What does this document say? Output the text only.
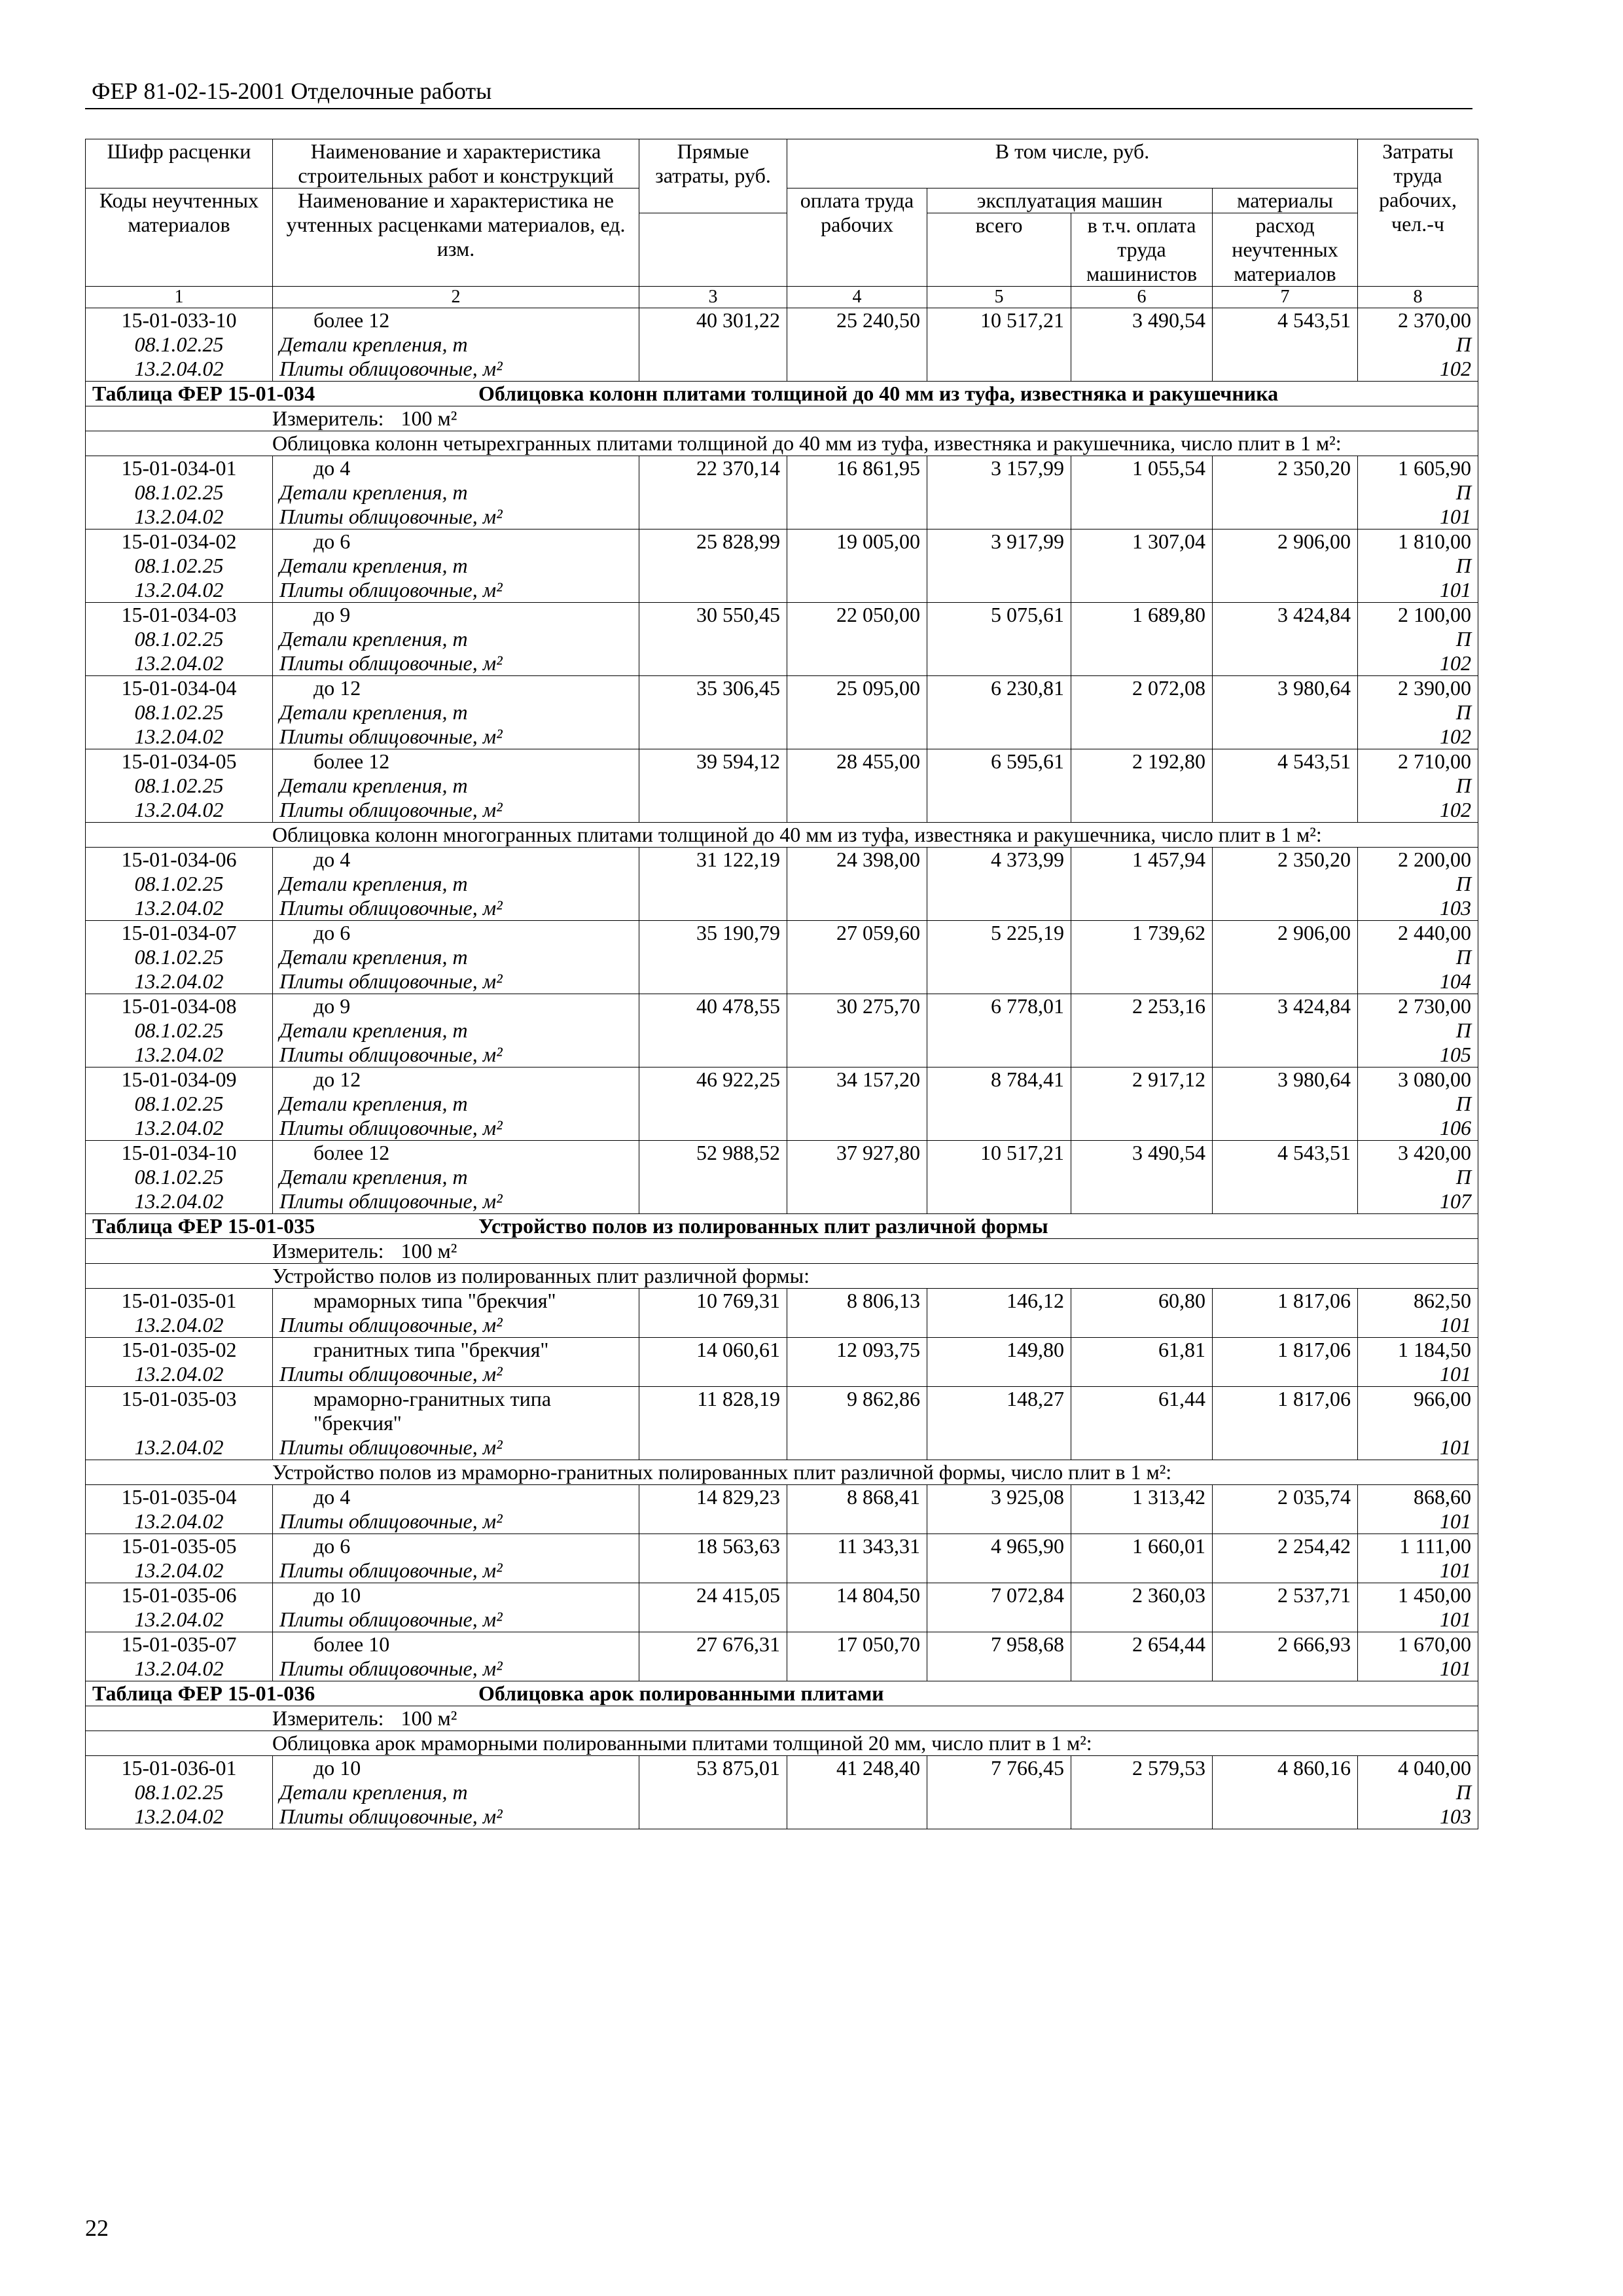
ФЕР 81-02-15-2001 Отделочные работы
Шифр расценки	Наименование и характеристика строительных работ и конструкций	Прямые затраты, руб.	В том числе, руб.				Затраты труда рабочих, чел.-ч
Коды неучтенных материалов	Наименование и характеристика не учтенных расценками материалов, ед. изм.						
			оплата труда рабочих	эксплуатация машин		материалы	
				всего	в т.ч. оплата труда машинистов	расход неучтенных материалов	
1	2	3	4	5	6	7	8
15-01-033-10	более 12	40 301,22	25 240,50	10 517,21	3 490,54	4 543,51	2 370,00
08.1.02.25	Детали крепления, т						П
13.2.04.02	Плиты облицовочные, м²						102
Таблица ФЕР 15-01-034 Облицовка колонн плитами толщиной до 40 мм из туфа, известняка и ракушечника							
Измеритель: 100 м²							
Облицовка колонн четырехгранных плитами толщиной до 40 мм из туфа, известняка и ракушечника, число плит в 1 м²:							
15-01-034-01	до 4	22 370,14	16 861,95	3 157,99	1 055,54	2 350,20	1 605,90
08.1.02.25	Детали крепления, т						П
13.2.04.02	Плиты облицовочные, м²						101
15-01-034-02	до 6	25 828,99	19 005,00	3 917,99	1 307,04	2 906,00	1 810,00
08.1.02.25	Детали крепления, т						П
13.2.04.02	Плиты облицовочные, м²						101
15-01-034-03	до 9	30 550,45	22 050,00	5 075,61	1 689,80	3 424,84	2 100,00
08.1.02.25	Детали крепления, т						П
13.2.04.02	Плиты облицовочные, м²						102
15-01-034-04	до 12	35 306,45	25 095,00	6 230,81	2 072,08	3 980,64	2 390,00
08.1.02.25	Детали крепления, т						П
13.2.04.02	Плиты облицовочные, м²						102
15-01-034-05	более 12	39 594,12	28 455,00	6 595,61	2 192,80	4 543,51	2 710,00
08.1.02.25	Детали крепления, т						П
13.2.04.02	Плиты облицовочные, м²						102
Облицовка колонн многогранных плитами толщиной до 40 мм из туфа, известняка и ракушечника, число плит в 1 м²:							
15-01-034-06	до 4	31 122,19	24 398,00	4 373,99	1 457,94	2 350,20	2 200,00
08.1.02.25	Детали крепления, т						П
13.2.04.02	Плиты облицовочные, м²						103
15-01-034-07	до 6	35 190,79	27 059,60	5 225,19	1 739,62	2 906,00	2 440,00
08.1.02.25	Детали крепления, т						П
13.2.04.02	Плиты облицовочные, м²						104
15-01-034-08	до 9	40 478,55	30 275,70	6 778,01	2 253,16	3 424,84	2 730,00
08.1.02.25	Детали крепления, т						П
13.2.04.02	Плиты облицовочные, м²						105
15-01-034-09	до 12	46 922,25	34 157,20	8 784,41	2 917,12	3 980,64	3 080,00
08.1.02.25	Детали крепления, т						П
13.2.04.02	Плиты облицовочные, м²						106
15-01-034-10	более 12	52 988,52	37 927,80	10 517,21	3 490,54	4 543,51	3 420,00
08.1.02.25	Детали крепления, т						П
13.2.04.02	Плиты облицовочные, м²						107
Таблица ФЕР 15-01-035 Устройство полов из полированных плит различной формы							
Измеритель: 100 м²							
Устройство полов из полированных плит различной формы:							
15-01-035-01	мраморных типа "брекчия"	10 769,31	8 806,13	146,12	60,80	1 817,06	862,50
13.2.04.02	Плиты облицовочные, м²						101
15-01-035-02	гранитных типа "брекчия"	14 060,61	12 093,75	149,80	61,81	1 817,06	1 184,50
13.2.04.02	Плиты облицовочные, м²						101
15-01-035-03	мраморно-гранитных типа "брекчия"	11 828,19	9 862,86	148,27	61,44	1 817,06	966,00
13.2.04.02	Плиты облицовочные, м²						101
Устройство полов из мраморно-гранитных полированных плит различной формы, число плит в 1 м²:							
15-01-035-04	до 4	14 829,23	8 868,41	3 925,08	1 313,42	2 035,74	868,60
13.2.04.02	Плиты облицовочные, м²						101
15-01-035-05	до 6	18 563,63	11 343,31	4 965,90	1 660,01	2 254,42	1 111,00
13.2.04.02	Плиты облицовочные, м²						101
15-01-035-06	до 10	24 415,05	14 804,50	7 072,84	2 360,03	2 537,71	1 450,00
13.2.04.02	Плиты облицовочные, м²						101
15-01-035-07	более 10	27 676,31	17 050,70	7 958,68	2 654,44	2 666,93	1 670,00
13.2.04.02	Плиты облицовочные, м²						101
Таблица ФЕР 15-01-036 Облицовка арок полированными плитами							
Измеритель: 100 м²							
Облицовка арок мраморными полированными плитами толщиной 20 мм, число плит в 1 м²:							
15-01-036-01	до 10	53 875,01	41 248,40	7 766,45	2 579,53	4 860,16	4 040,00
08.1.02.25	Детали крепления, т						П
13.2.04.02	Плиты облицовочные, м²						103
22
